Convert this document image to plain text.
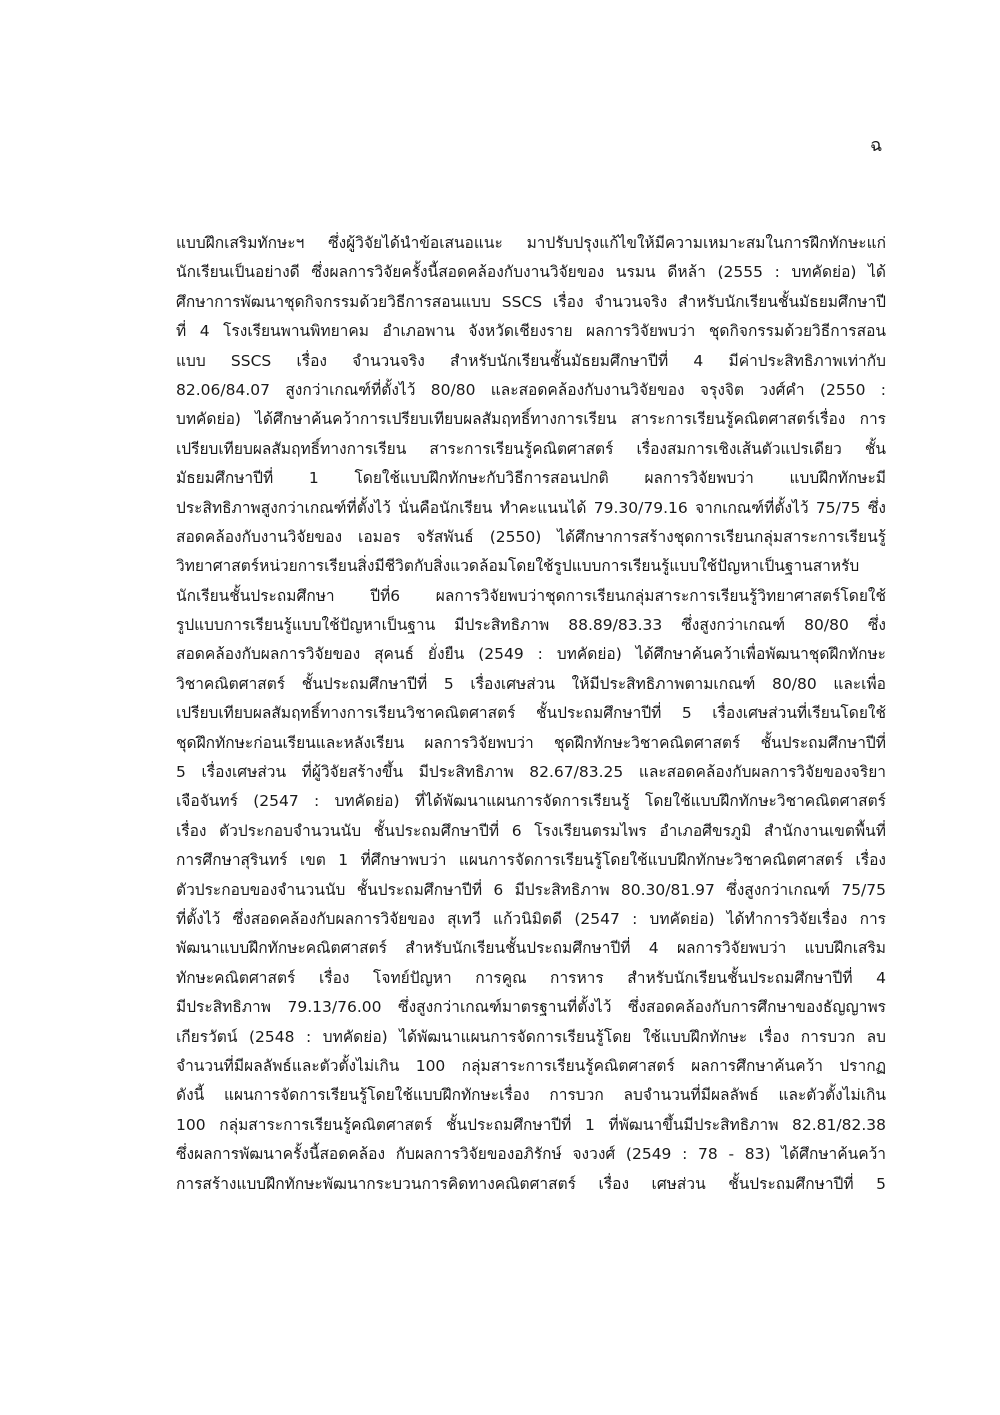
ฉ
แบบฝึกเสริมทักษะฯ ซึ่งผู้วิจัยได้นำข้อเสนอแนะ มาปรับปรุงแก้ไขให้มีความเหมาะสมในการฝึกทักษะแก่
นักเรียนเป็นอย่างดี ซึ่งผลการวิจัยครั้งนี้สอดคล้องกับงานวิจัยของ นรมน ดีหล้า (2555 : บทคัดย่อ) ได้
ศึกษาการพัฒนาชุดกิจกรรมด้วยวิธีการสอนแบบ SSCS เรื่อง จำนวนจริง สำหรับนักเรียนชั้นมัธยมศึกษาปี
ที่ 4 โรงเรียนพานพิทยาคม อำเภอพาน จังหวัดเชียงราย ผลการวิจัยพบว่า ชุดกิจกรรมด้วยวิธีการสอน
แบบ SSCS เรื่อง จำนวนจริง สำหรับนักเรียนชั้นมัธยมศึกษาปีที่ 4 มีค่าประสิทธิภาพเท่ากับ
82.06/84.07 สูงกว่าเกณฑ์ที่ตั้งไว้ 80/80 และสอดคล้องกับงานวิจัยของ จรุงจิต วงศ์คำ (2550 :
บทคัดย่อ) ได้ศึกษาค้นคว้าการเปรียบเทียบผลสัมฤทธิ์ทางการเรียน สาระการเรียนรู้คณิตศาสตร์เรื่อง การ
เปรียบเทียบผลสัมฤทธิ์ทางการเรียน สาระการเรียนรู้คณิตศาสตร์ เรื่องสมการเชิงเส้นตัวแปรเดียว ชั้น
มัธยมศึกษาปีที่ 1 โดยใช้แบบฝึกทักษะกับวิธีการสอนปกติ ผลการวิจัยพบว่า แบบฝึกทักษะมี
ประสิทธิภาพสูงกว่าเกณฑ์ที่ตั้งไว้ นั่นคือนักเรียน ทำคะแนนได้ 79.30/79.16 จากเกณฑ์ที่ตั้งไว้ 75/75 ซึ่ง
สอดคล้องกับงานวิจัยของ เอมอร จรัสพันธ์ (2550) ได้ศึกษาการสร้างชุดการเรียนกลุ่มสาระการเรียนรู้
วิทยาศาสตร์หน่วยการเรียนสิ่งมีชีวิตกับสิ่งแวดล้อมโดยใช้รูปแบบการเรียนรู้แบบใช้ปัญหาเป็นฐานสาหรับ
นักเรียนชั้นประถมศึกษา ปีที่6 ผลการวิจัยพบว่าชุดการเรียนกลุ่มสาระการเรียนรู้วิทยาศาสตร์โดยใช้
รูปแบบการเรียนรู้แบบใช้ปัญหาเป็นฐาน มีประสิทธิภาพ 88.89/83.33 ซึ่งสูงกว่าเกณฑ์ 80/80 ซึ่ง
สอดคล้องกับผลการวิจัยของ สุคนธ์ ยั่งยืน (2549 : บทคัดย่อ) ได้ศึกษาค้นคว้าเพื่อพัฒนาชุดฝึกทักษะ
วิชาคณิตศาสตร์ ชั้นประถมศึกษาปีที่ 5 เรื่องเศษส่วน ให้มีประสิทธิภาพตามเกณฑ์ 80/80 และเพื่อ
เปรียบเทียบผลสัมฤทธิ์ทางการเรียนวิชาคณิตศาสตร์ ชั้นประถมศึกษาปีที่ 5 เรื่องเศษส่วนที่เรียนโดยใช้
ชุดฝึกทักษะก่อนเรียนและหลังเรียน ผลการวิจัยพบว่า ชุดฝึกทักษะวิชาคณิตศาสตร์ ชั้นประถมศึกษาปีที่
5 เรื่องเศษส่วน ที่ผู้วิจัยสร้างขึ้น มีประสิทธิภาพ 82.67/83.25 และสอดคล้องกับผลการวิจัยของจริยา
เจือจันทร์ (2547 : บทคัดย่อ) ที่ได้พัฒนาแผนการจัดการเรียนรู้ โดยใช้แบบฝึกทักษะวิชาคณิตศาสตร์
เรื่อง ตัวประกอบจำนวนนับ ชั้นประถมศึกษาปีที่ 6 โรงเรียนตรมไพร อำเภอศีขรภูมิ สำนักงานเขตพื้นที่
การศึกษาสุรินทร์ เขต 1 ที่ศึกษาพบว่า แผนการจัดการเรียนรู้โดยใช้แบบฝึกทักษะวิชาคณิตศาสตร์ เรื่อง
ตัวประกอบของจำนวนนับ ชั้นประถมศึกษาปีที่ 6 มีประสิทธิภาพ 80.30/81.97 ซึ่งสูงกว่าเกณฑ์ 75/75
ที่ตั้งไว้ ซึ่งสอดคล้องกับผลการวิจัยของ สุเทวี แก้วนิมิตดี (2547 : บทคัดย่อ) ได้ทำการวิจัยเรื่อง การ
พัฒนาแบบฝึกทักษะคณิตศาสตร์ สำหรับนักเรียนชั้นประถมศึกษาปีที่ 4 ผลการวิจัยพบว่า แบบฝึกเสริม
ทักษะคณิตศาสตร์ เรื่อง โจทย์ปัญหา การคูณ การหาร สำหรับนักเรียนชั้นประถมศึกษาปีที่ 4
มีประสิทธิภาพ 79.13/76.00 ซึ่งสูงกว่าเกณฑ์มาตรฐานที่ตั้งไว้ ซึ่งสอดคล้องกับการศึกษาของธัญญาพร
เกียรวัตน์ (2548 : บทคัดย่อ) ได้พัฒนาแผนการจัดการเรียนรู้โดย ใช้แบบฝึกทักษะ เรื่อง การบวก ลบ
จำนวนที่มีผลลัพธ์และตัวตั้งไม่เกิน 100 กลุ่มสาระการเรียนรู้คณิตศาสตร์ ผลการศึกษาค้นคว้า ปรากฏ
ดังนี้ แผนการจัดการเรียนรู้โดยใช้แบบฝึกทักษะเรื่อง การบวก ลบจำนวนที่มีผลลัพธ์ และตัวตั้งไม่เกิน
100 กลุ่มสาระการเรียนรู้คณิตศาสตร์ ชั้นประถมศึกษาปีที่ 1 ที่พัฒนาขึ้นมีประสิทธิภาพ 82.81/82.38
ซึ่งผลการพัฒนาครั้งนี้สอดคล้อง กับผลการวิจัยของอภิรักษ์ จงวงศ์ (2549 : 78 - 83) ได้ศึกษาค้นคว้า
การสร้างแบบฝึกทักษะพัฒนากระบวนการคิดทางคณิตศาสตร์ เรื่อง เศษส่วน ชั้นประถมศึกษาปีที่ 5
